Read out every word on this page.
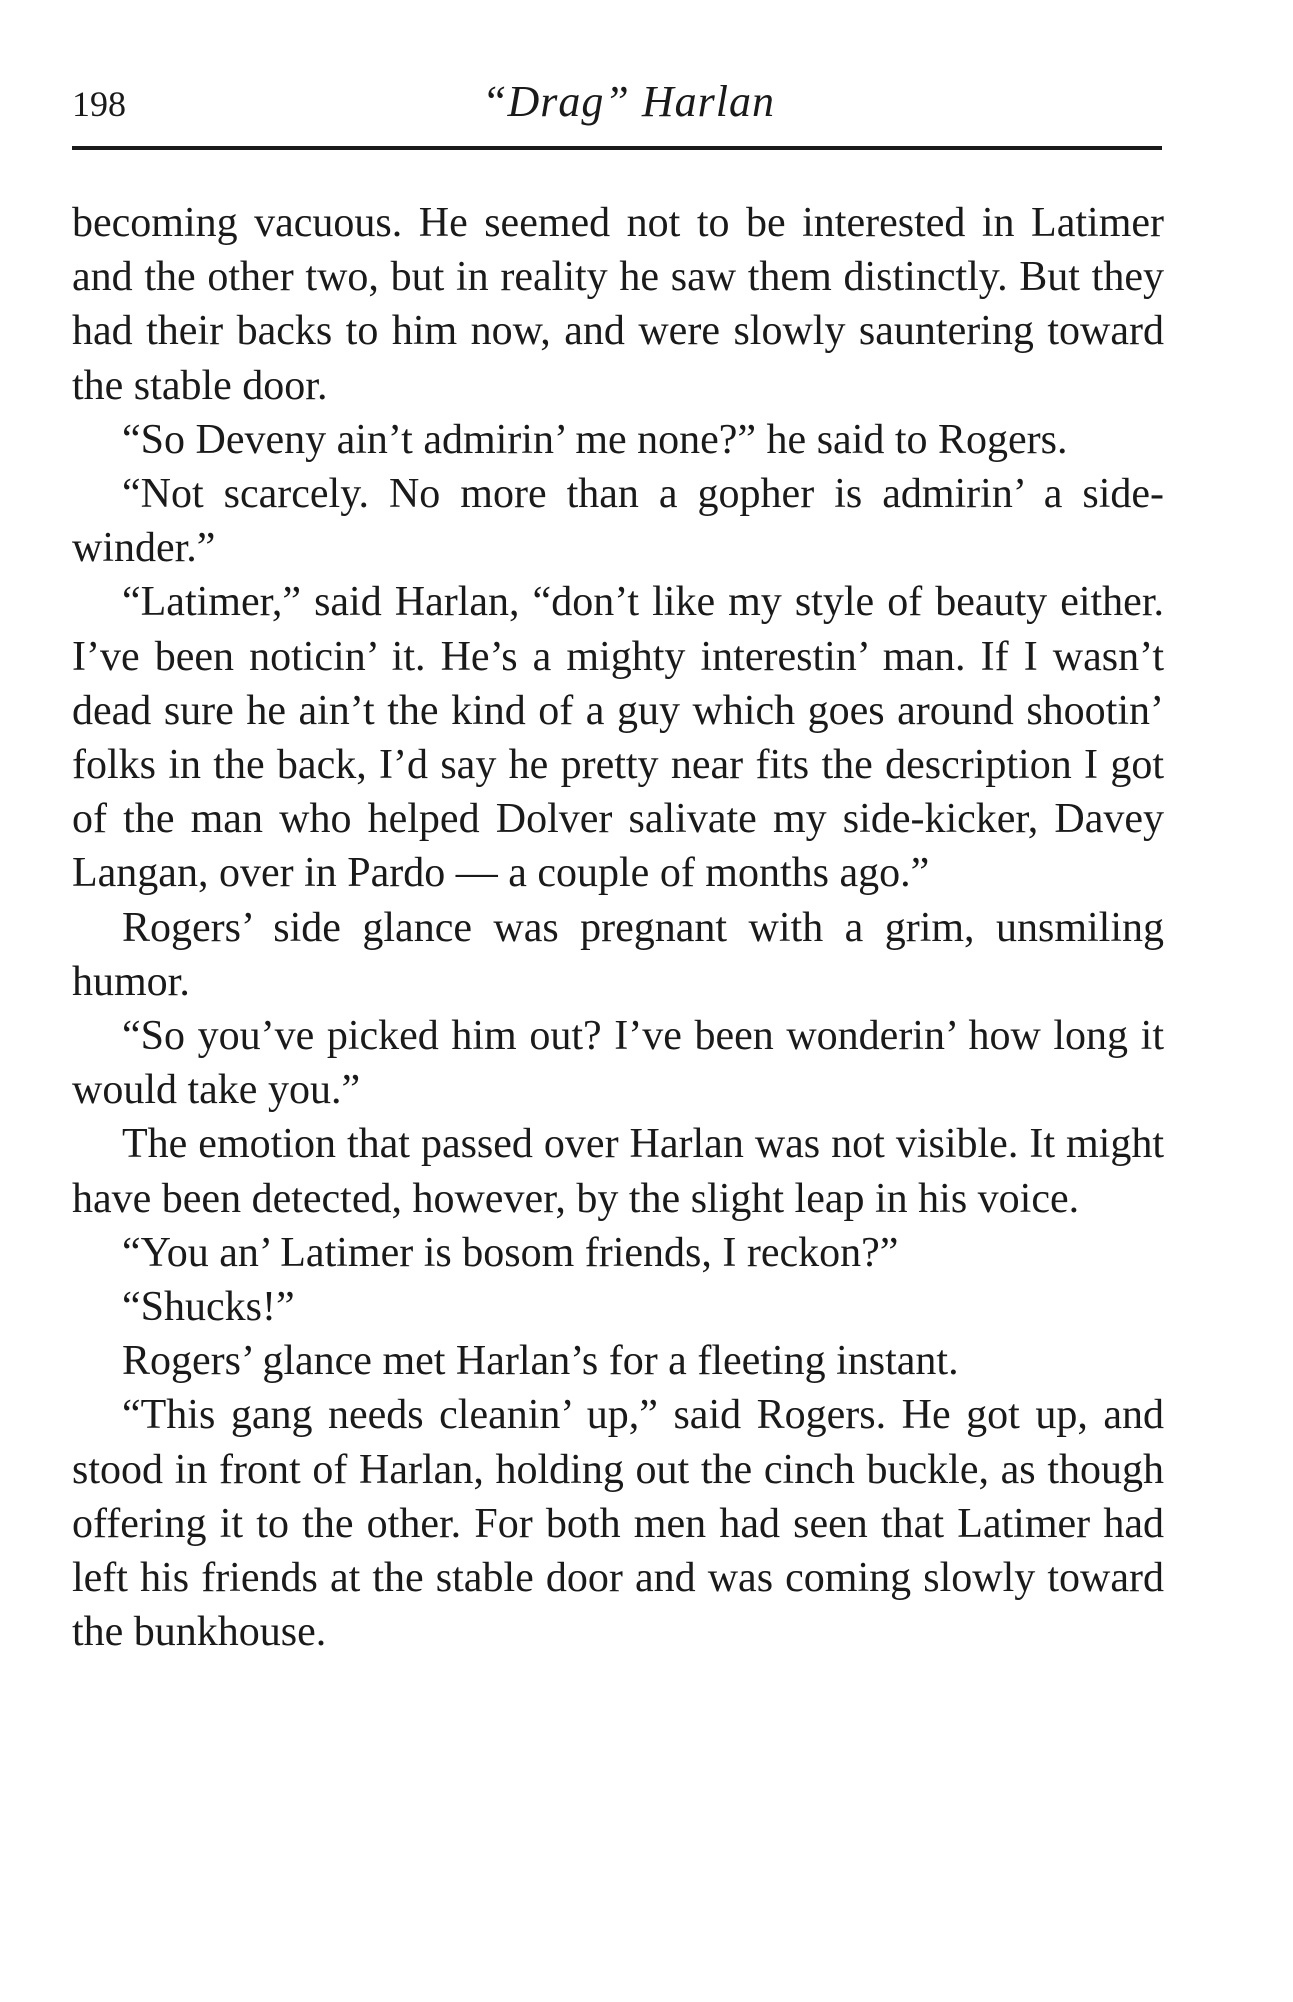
198	“Drag” Harlan

becoming vacuous. He seemed not to be interested in Latimer and the other two, but in reality he saw them distinctly. But they had their backs to him now, and were slowly sauntering toward the stable door.

“So Deveny ain’t admirin’ me none?” he said to Rogers.

“Not scarcely. No more than a gopher is admirin’ a side-winder.”

“Latimer,” said Harlan, “don’t like my style of beauty either. I’ve been noticin’ it. He’s a mighty interestin’ man. If I wasn’t dead sure he ain’t the kind of a guy which goes around shootin’ folks in the back, I’d say he pretty near fits the description I got of the man who helped Dolver salivate my side-kicker, Davey Langan, over in Pardo — a couple of months ago.”

Rogers’ side glance was pregnant with a grim, unsmiling humor.

“So you’ve picked him out? I’ve been wonderin’ how long it would take you.”

The emotion that passed over Harlan was not visible. It might have been detected, however, by the slight leap in his voice.

“You an’ Latimer is bosom friends, I reckon?”

“Shucks!”

Rogers’ glance met Harlan’s for a fleeting instant.

“This gang needs cleanin’ up,” said Rogers. He got up, and stood in front of Harlan, holding out the cinch buckle, as though offering it to the other. For both men had seen that Latimer had left his friends at the stable door and was coming slowly toward the bunkhouse.
